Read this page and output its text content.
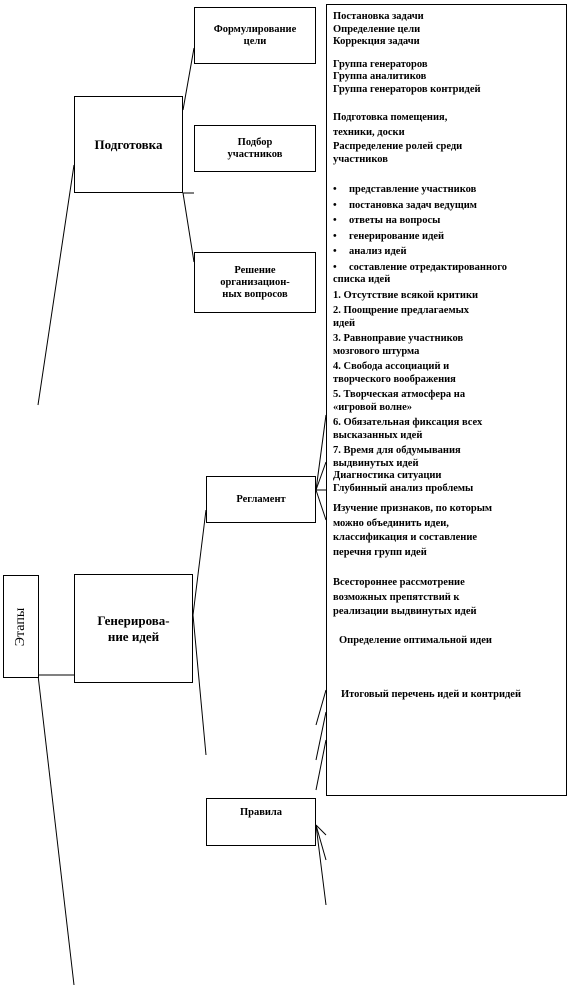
Этапы
Подготовка
Генерирова-
ние идей
Формулирование
цели
Подбор
участников
Решение
организацион-
ных вопросов
Регламент
Правила
Постановка задачи
Определение цели
Коррекция задачи
Группа генераторов
Группа аналитиков
Группа генераторов контридей
Подготовка помещения,
техники, доски
Распределение ролей среди
участников
• представление участников
• постановка задач ведущим
• ответы на вопросы
• генерирование идей
• анализ идей
• составление отредактированного
списка идей
1. Отсутствие всякой критики
2. Поощрение предлагаемых
идей
3. Равноправие участников
мозгового штурма
4. Свобода ассоциаций и
творческого воображения
5. Творческая атмосфера на
«игровой волне»
6. Обязательная фиксация всех
высказанных идей
7. Время для обдумывания
выдвинутых идей
Диагностика ситуации
Глубинный анализ проблемы
Изучение признаков, по которым
можно объединить идеи,
классификация и составление
перечня групп идей
Всестороннее рассмотрение
возможных препятствий к
реализации выдвинутых идей
Определение оптимальной идеи
Итоговый перечень идей и контридей
